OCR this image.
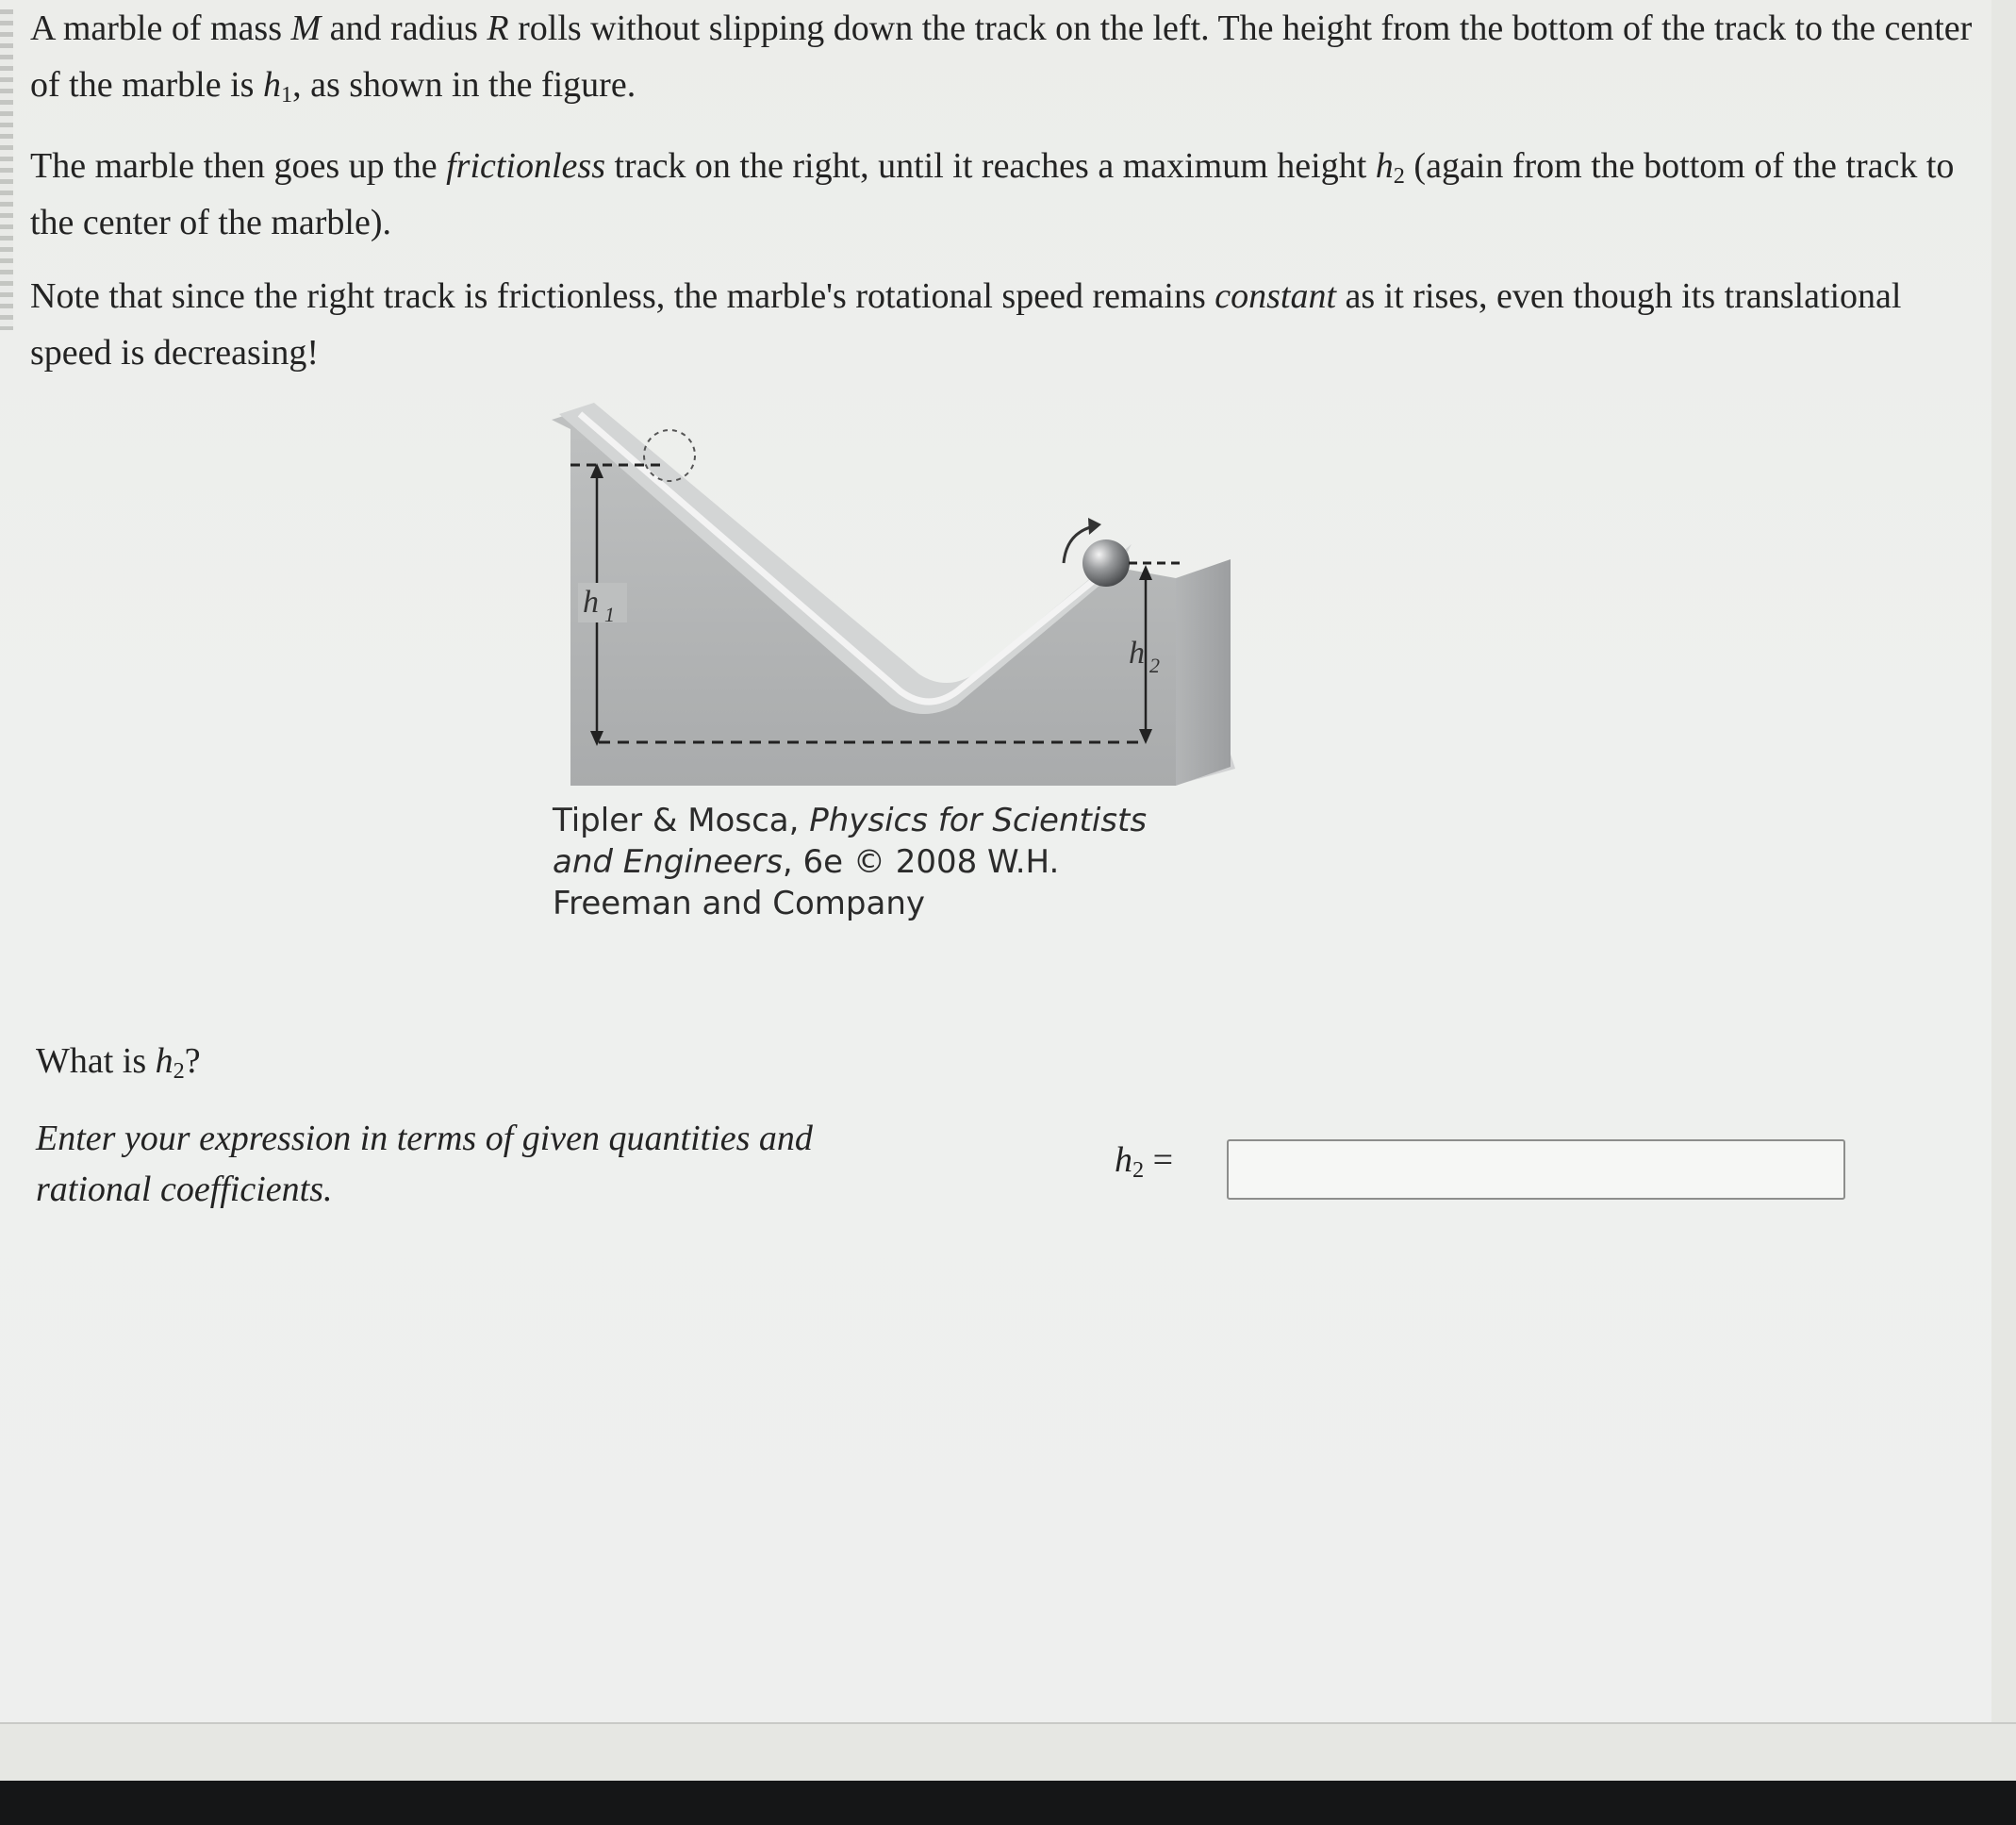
A marble of mass M and radius R rolls without slipping down the track on the left. The height from the bottom of the track to the center of the marble is $h_1$, as shown in the figure.

The marble then goes up the frictionless track on the right, until it reaches a maximum height $h_2$ (again from the bottom of the track to the center of the marble).

Note that since the right track is frictionless, the marble's rotational speed remains constant as it rises, even though its translational speed is decreasing!

h 1
h 2
Tipler & Mosca, Physics for Scientists and Engineers, 6e © 2008 W.H. Freeman and Company
What is $h_2$?
Enter your expression in terms of given quantities and rational coefficients.
$h_2$ =
